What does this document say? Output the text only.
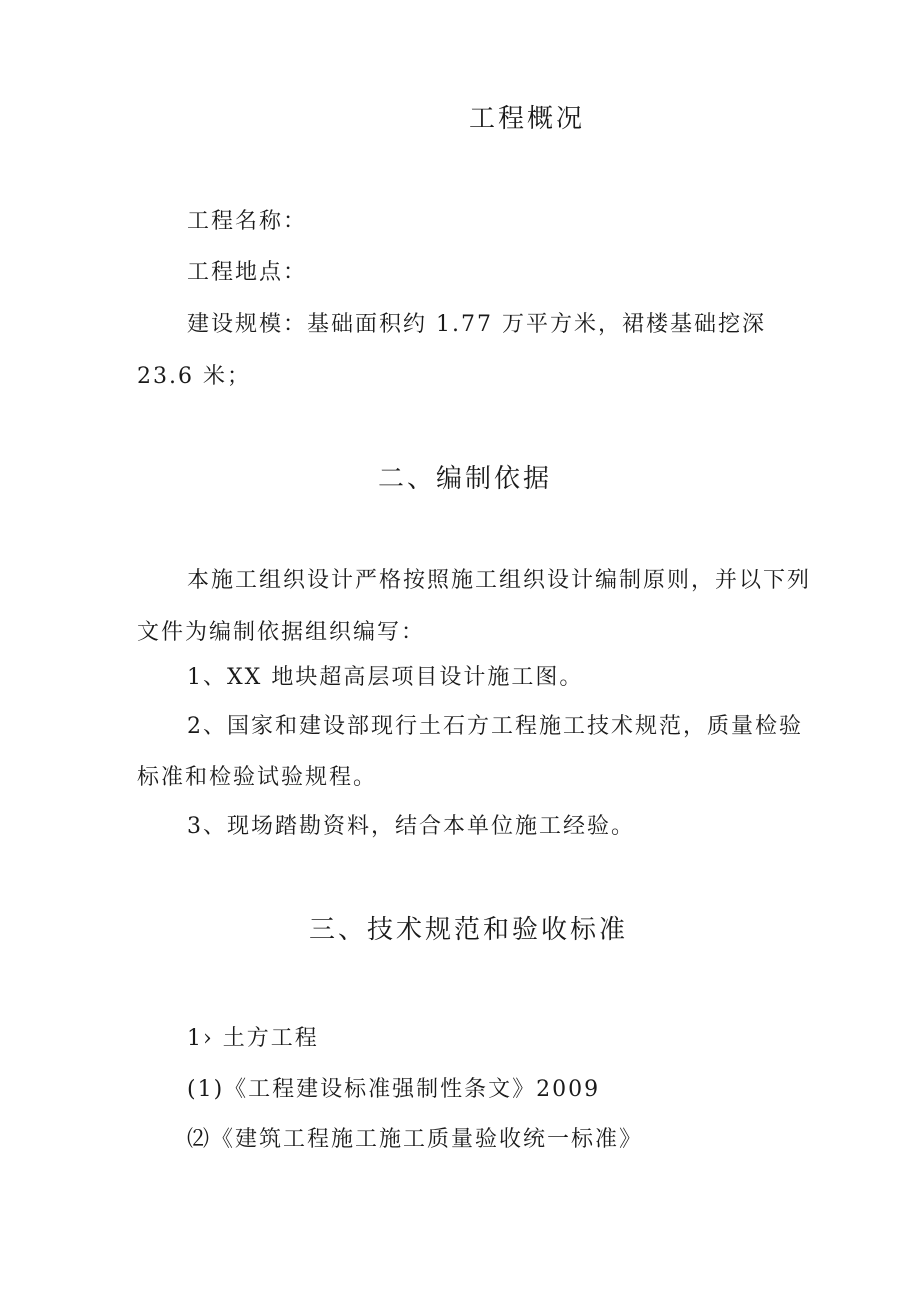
工程概况
工程名称：
工程地点：
建设规模：基础面积约 1.77 万平方米，裙楼基础挖深
23.6 米；
二、编制依据
本施工组织设计严格按照施工组织设计编制原则，并以下列
文件为编制依据组织编写：
1、XX 地块超高层项目设计施工图。
2、国家和建设部现行土石方工程施工技术规范，质量检验
标准和检验试验规程。
3、现场踏勘资料，结合本单位施工经验。
三、技术规范和验收标准
1› 土方工程
(1)《工程建设标准强制性条文》2009
⑵《建筑工程施工施工质量验收统一标准》
